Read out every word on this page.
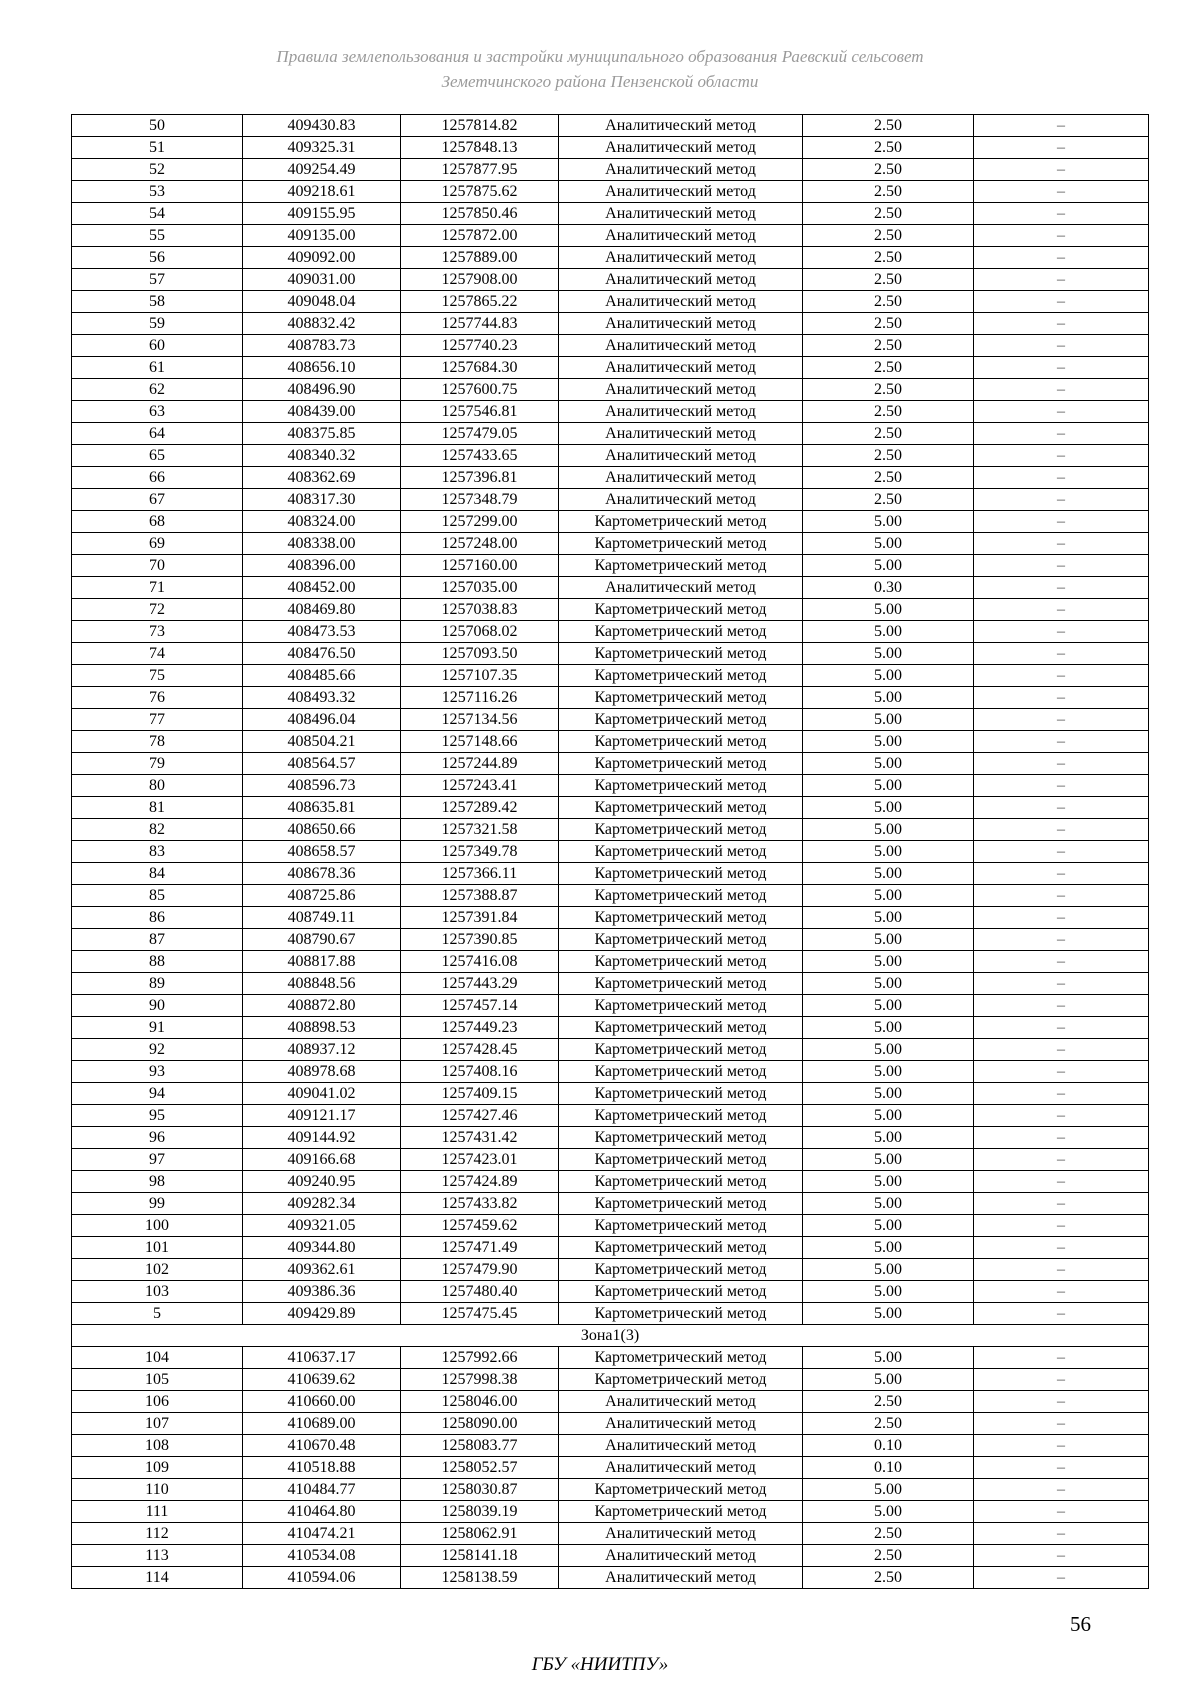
Правила землепользования и застройки муниципального образования Раевский сельсовет
Земетчинского района Пензенской области
50	409430.83	1257814.82	Аналитический метод	2.50	–
51	409325.31	1257848.13	Аналитический метод	2.50	–
52	409254.49	1257877.95	Аналитический метод	2.50	–
53	409218.61	1257875.62	Аналитический метод	2.50	–
54	409155.95	1257850.46	Аналитический метод	2.50	–
55	409135.00	1257872.00	Аналитический метод	2.50	–
56	409092.00	1257889.00	Аналитический метод	2.50	–
57	409031.00	1257908.00	Аналитический метод	2.50	–
58	409048.04	1257865.22	Аналитический метод	2.50	–
59	408832.42	1257744.83	Аналитический метод	2.50	–
60	408783.73	1257740.23	Аналитический метод	2.50	–
61	408656.10	1257684.30	Аналитический метод	2.50	–
62	408496.90	1257600.75	Аналитический метод	2.50	–
63	408439.00	1257546.81	Аналитический метод	2.50	–
64	408375.85	1257479.05	Аналитический метод	2.50	–
65	408340.32	1257433.65	Аналитический метод	2.50	–
66	408362.69	1257396.81	Аналитический метод	2.50	–
67	408317.30	1257348.79	Аналитический метод	2.50	–
68	408324.00	1257299.00	Картометрический метод	5.00	–
69	408338.00	1257248.00	Картометрический метод	5.00	–
70	408396.00	1257160.00	Картометрический метод	5.00	–
71	408452.00	1257035.00	Аналитический метод	0.30	–
72	408469.80	1257038.83	Картометрический метод	5.00	–
73	408473.53	1257068.02	Картометрический метод	5.00	–
74	408476.50	1257093.50	Картометрический метод	5.00	–
75	408485.66	1257107.35	Картометрический метод	5.00	–
76	408493.32	1257116.26	Картометрический метод	5.00	–
77	408496.04	1257134.56	Картометрический метод	5.00	–
78	408504.21	1257148.66	Картометрический метод	5.00	–
79	408564.57	1257244.89	Картометрический метод	5.00	–
80	408596.73	1257243.41	Картометрический метод	5.00	–
81	408635.81	1257289.42	Картометрический метод	5.00	–
82	408650.66	1257321.58	Картометрический метод	5.00	–
83	408658.57	1257349.78	Картометрический метод	5.00	–
84	408678.36	1257366.11	Картометрический метод	5.00	–
85	408725.86	1257388.87	Картометрический метод	5.00	–
86	408749.11	1257391.84	Картометрический метод	5.00	–
87	408790.67	1257390.85	Картометрический метод	5.00	–
88	408817.88	1257416.08	Картометрический метод	5.00	–
89	408848.56	1257443.29	Картометрический метод	5.00	–
90	408872.80	1257457.14	Картометрический метод	5.00	–
91	408898.53	1257449.23	Картометрический метод	5.00	–
92	408937.12	1257428.45	Картометрический метод	5.00	–
93	408978.68	1257408.16	Картометрический метод	5.00	–
94	409041.02	1257409.15	Картометрический метод	5.00	–
95	409121.17	1257427.46	Картометрический метод	5.00	–
96	409144.92	1257431.42	Картометрический метод	5.00	–
97	409166.68	1257423.01	Картометрический метод	5.00	–
98	409240.95	1257424.89	Картометрический метод	5.00	–
99	409282.34	1257433.82	Картометрический метод	5.00	–
100	409321.05	1257459.62	Картометрический метод	5.00	–
101	409344.80	1257471.49	Картометрический метод	5.00	–
102	409362.61	1257479.90	Картометрический метод	5.00	–
103	409386.36	1257480.40	Картометрический метод	5.00	–
5	409429.89	1257475.45	Картометрический метод	5.00	–
Зона1(3)					
104	410637.17	1257992.66	Картометрический метод	5.00	–
105	410639.62	1257998.38	Картометрический метод	5.00	–
106	410660.00	1258046.00	Аналитический метод	2.50	–
107	410689.00	1258090.00	Аналитический метод	2.50	–
108	410670.48	1258083.77	Аналитический метод	0.10	–
109	410518.88	1258052.57	Аналитический метод	0.10	–
110	410484.77	1258030.87	Картометрический метод	5.00	–
111	410464.80	1258039.19	Картометрический метод	5.00	–
112	410474.21	1258062.91	Аналитический метод	2.50	–
113	410534.08	1258141.18	Аналитический метод	2.50	–
114	410594.06	1258138.59	Аналитический метод	2.50	–
56
ГБУ «НИИТПУ»
